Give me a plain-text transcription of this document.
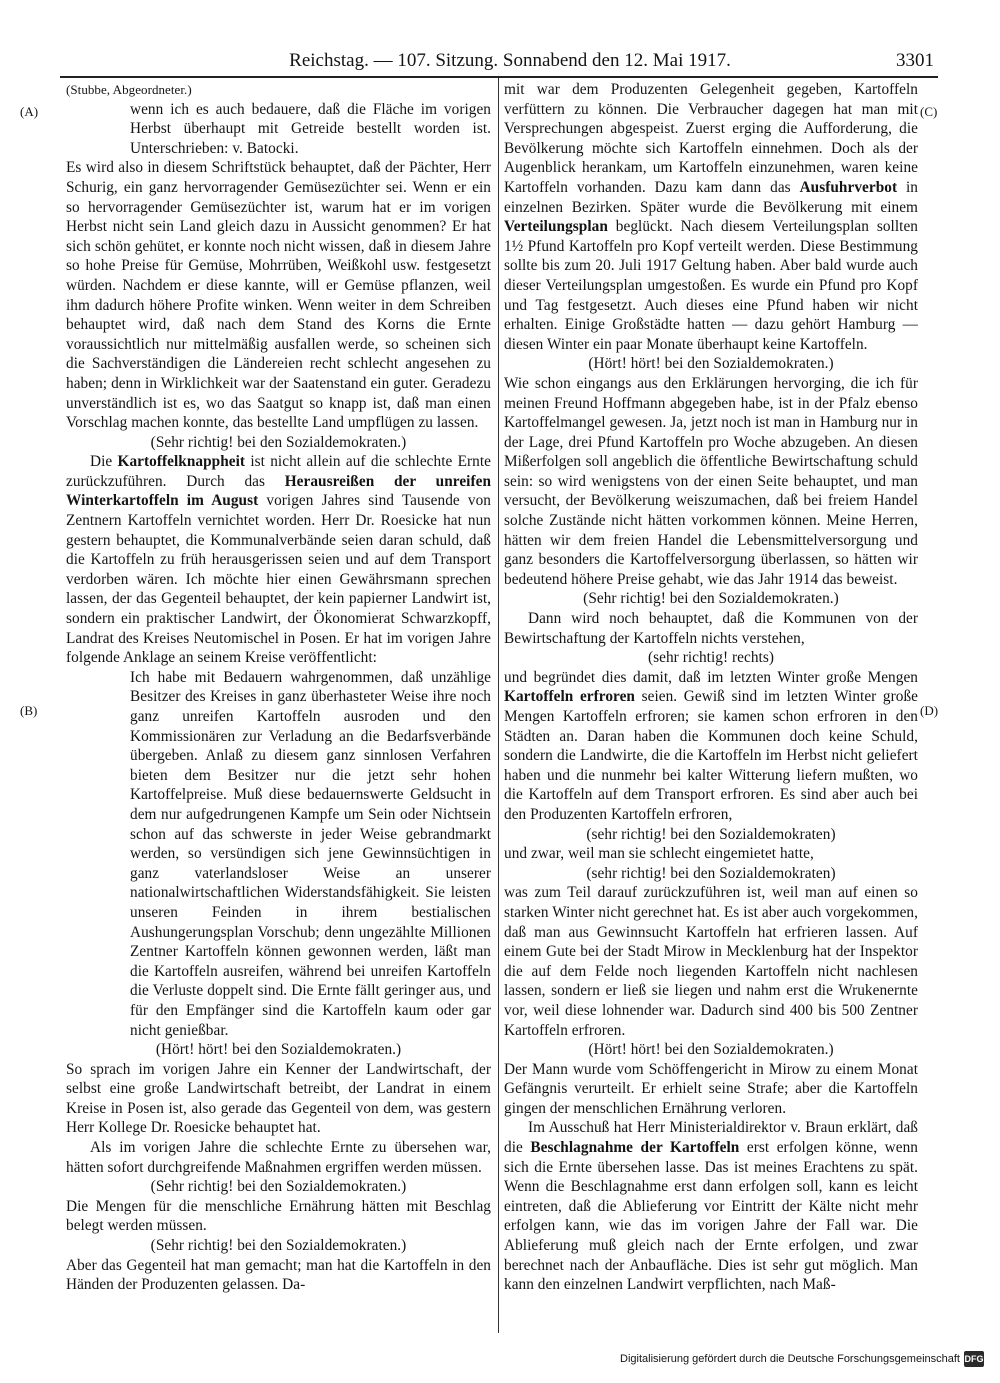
Reichstag. — 107. Sitzung. Sonnabend den 12. Mai 1917.	3301
(A)
(B)
(C)
(D)

(Stubbe, Abgeordneter.)

wenn ich es auch bedauere, daß die Fläche im vorigen Herbst überhaupt mit Getreide bestellt worden ist. Unterschrieben: v. Batocki.

Es wird also in diesem Schriftstück behauptet, daß der Pächter, Herr Schurig, ein ganz hervorragender Gemüsezüchter sei. Wenn er ein so hervorragender Gemüsezüchter ist, warum hat er im vorigen Herbst nicht sein Land gleich dazu in Aussicht genommen? Er hat sich schön gehütet, er konnte noch nicht wissen, daß in diesem Jahre so hohe Preise für Gemüse, Mohrrüben, Weißkohl usw. festgesetzt würden. Nachdem er diese kannte, will er Gemüse pflanzen, weil ihm dadurch höhere Profite winken. Wenn weiter in dem Schreiben behauptet wird, daß nach dem Stand des Korns die Ernte voraussichtlich nur mittelmäßig ausfallen werde, so scheinen sich die Sachverständigen die Ländereien recht schlecht angesehen zu haben; denn in Wirklichkeit war der Saatenstand ein guter. Geradezu unverständlich ist es, wo das Saatgut so knapp ist, daß man einen Vorschlag machen konnte, das bestellte Land umpflügen zu lassen.

(Sehr richtig! bei den Sozialdemokraten.)

Die Kartoffelknappheit ist nicht allein auf die schlechte Ernte zurückzuführen. Durch das Herausreißen der unreifen Winterkartoffeln im August vorigen Jahres sind Tausende von Zentnern Kartoffeln vernichtet worden. Herr Dr. Roesicke hat nun gestern behauptet, die Kommunalverbände seien daran schuld, daß die Kartoffeln zu früh herausgerissen seien und auf dem Transport verdorben wären. Ich möchte hier einen Gewährsmann sprechen lassen, der das Gegenteil behauptet, der kein papierner Landwirt ist, sondern ein praktischer Landwirt, der Ökonomierat Schwarzkopff, Landrat des Kreises Neutomischel in Posen. Er hat im vorigen Jahre folgende Anklage an seinem Kreise veröffentlicht:

Ich habe mit Bedauern wahrgenommen, daß unzählige Besitzer des Kreises in ganz überhasteter Weise ihre noch ganz unreifen Kartoffeln ausroden und den Kommissionären zur Verladung an die Bedarfsverbände übergeben. Anlaß zu diesem ganz sinnlosen Verfahren bieten dem Besitzer nur die jetzt sehr hohen Kartoffelpreise. Muß diese bedauernswerte Geldsucht in dem nur aufgedrungenen Kampfe um Sein oder Nichtsein schon auf das schwerste in jeder Weise gebrandmarkt werden, so versündigen sich jene Gewinnsüchtigen in ganz vaterlandsloser Weise an unserer nationalwirtschaftlichen Widerstandsfähigkeit. Sie leisten unseren Feinden in ihrem bestialischen Aushungerungsplan Vorschub; denn ungezählte Millionen Zentner Kartoffeln können gewonnen werden, läßt man die Kartoffeln ausreifen, während bei unreifen Kartoffeln die Verluste doppelt sind. Die Ernte fällt geringer aus, und für den Empfänger sind die Kartoffeln kaum oder gar nicht genießbar.

(Hört! hört! bei den Sozialdemokraten.)

So sprach im vorigen Jahre ein Kenner der Landwirtschaft, der selbst eine große Landwirtschaft betreibt, der Landrat in einem Kreise in Posen ist, also gerade das Gegenteil von dem, was gestern Herr Kollege Dr. Roesicke behauptet hat.

Als im vorigen Jahre die schlechte Ernte zu übersehen war, hätten sofort durchgreifende Maßnahmen ergriffen werden müssen.

(Sehr richtig! bei den Sozialdemokraten.)

Die Mengen für die menschliche Ernährung hätten mit Beschlag belegt werden müssen.

(Sehr richtig! bei den Sozialdemokraten.)

Aber das Gegenteil hat man gemacht; man hat die Kartoffeln in den Händen der Produzenten gelassen. Da-

mit war dem Produzenten Gelegenheit gegeben, Kartoffeln verfüttern zu können. Die Verbraucher dagegen hat man mit Versprechungen abgespeist. Zuerst erging die Aufforderung, die Bevölkerung möchte sich Kartoffeln einnehmen. Doch als der Augenblick herankam, um Kartoffeln einzunehmen, waren keine Kartoffeln vorhanden. Dazu kam dann das Ausfuhrverbot in einzelnen Bezirken. Später wurde die Bevölkerung mit einem Verteilungsplan beglückt. Nach diesem Verteilungsplan sollten 1½ Pfund Kartoffeln pro Kopf verteilt werden. Diese Bestimmung sollte bis zum 20. Juli 1917 Geltung haben. Aber bald wurde auch dieser Verteilungsplan umgestoßen. Es wurde ein Pfund pro Kopf und Tag festgesetzt. Auch dieses eine Pfund haben wir nicht erhalten. Einige Großstädte hatten — dazu gehört Hamburg — diesen Winter ein paar Monate überhaupt keine Kartoffeln.

(Hört! hört! bei den Sozialdemokraten.)

Wie schon eingangs aus den Erklärungen hervorging, die ich für meinen Freund Hoffmann abgegeben habe, ist in der Pfalz ebenso Kartoffelmangel gewesen. Ja, jetzt noch ist man in Hamburg nur in der Lage, drei Pfund Kartoffeln pro Woche abzugeben. An diesen Mißerfolgen soll angeblich die öffentliche Bewirtschaftung schuld sein: so wird wenigstens von der einen Seite behauptet, und man versucht, der Bevölkerung weiszumachen, daß bei freiem Handel solche Zustände nicht hätten vorkommen können. Meine Herren, hätten wir dem freien Handel die Lebensmittelversorgung und ganz besonders die Kartoffelversorgung überlassen, so hätten wir bedeutend höhere Preise gehabt, wie das Jahr 1914 das beweist.

(Sehr richtig! bei den Sozialdemokraten.)

Dann wird noch behauptet, daß die Kommunen von der Bewirtschaftung der Kartoffeln nichts verstehen,

(sehr richtig! rechts)

und begründet dies damit, daß im letzten Winter große Mengen Kartoffeln erfroren seien. Gewiß sind im letzten Winter große Mengen Kartoffeln erfroren; sie kamen schon erfroren in den Städten an. Daran haben die Kommunen doch keine Schuld, sondern die Landwirte, die die Kartoffeln im Herbst nicht geliefert haben und die nunmehr bei kalter Witterung liefern mußten, wo die Kartoffeln auf dem Transport erfroren. Es sind aber auch bei den Produzenten Kartoffeln erfroren,

(sehr richtig! bei den Sozialdemokraten)

und zwar, weil man sie schlecht eingemietet hatte,

(sehr richtig! bei den Sozialdemokraten)

was zum Teil darauf zurückzuführen ist, weil man auf einen so starken Winter nicht gerechnet hat. Es ist aber auch vorgekommen, daß man aus Gewinnsucht Kartoffeln hat erfrieren lassen. Auf einem Gute bei der Stadt Mirow in Mecklenburg hat der Inspektor die auf dem Felde noch liegenden Kartoffeln nicht nachlesen lassen, sondern er ließ sie liegen und nahm erst die Wrukenernte vor, weil diese lohnender war. Dadurch sind 400 bis 500 Zentner Kartoffeln erfroren.

(Hört! hört! bei den Sozialdemokraten.)

Der Mann wurde vom Schöffengericht in Mirow zu einem Monat Gefängnis verurteilt. Er erhielt seine Strafe; aber die Kartoffeln gingen der menschlichen Ernährung verloren.

Im Ausschuß hat Herr Ministerialdirektor v. Braun erklärt, daß die Beschlagnahme der Kartoffeln erst erfolgen könne, wenn sich die Ernte übersehen lasse. Das ist meines Erachtens zu spät. Wenn die Beschlagnahme erst dann erfolgen soll, kann es leicht eintreten, daß die Ablieferung vor Eintritt der Kälte nicht mehr erfolgen kann, wie das im vorigen Jahre der Fall war. Die Ablieferung muß gleich nach der Ernte erfolgen, und zwar berechnet nach der Anbaufläche. Dies ist sehr gut möglich. Man kann den einzelnen Landwirt verpflichten, nach Maß-

Digitalisierung gefördert durch die Deutsche Forschungsgemeinschaft DFG
